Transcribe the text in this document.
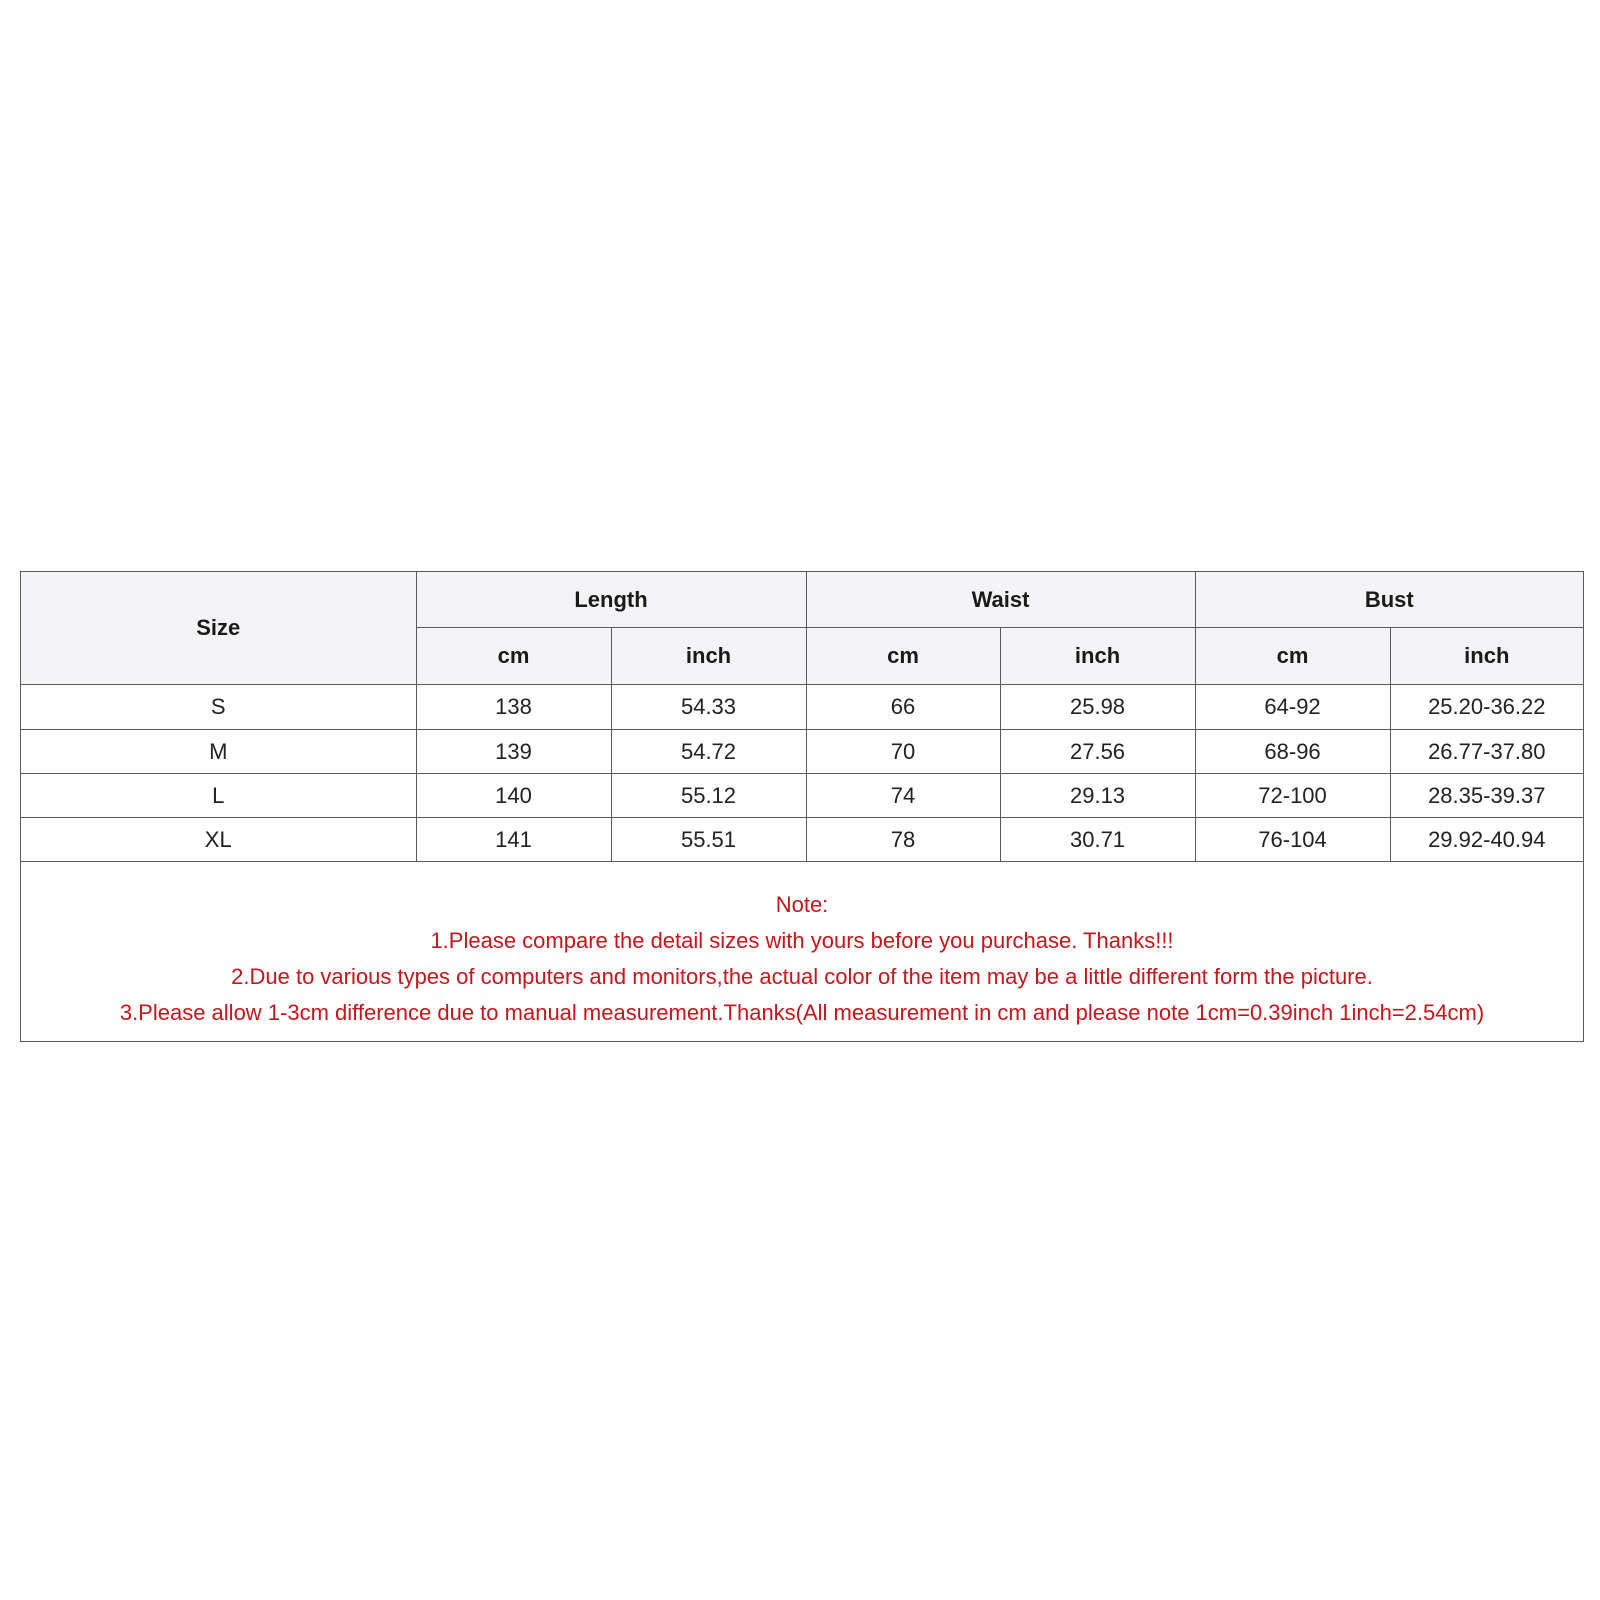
Size	Length		Waist		Bust	
	cm	inch	cm	inch	cm	inch
S	138	54.33	66	25.98	64-92	25.20-36.22
M	139	54.72	70	27.56	68-96	26.77-37.80
L	140	55.12	74	29.13	72-100	28.35-39.37
XL	141	55.51	78	30.71	76-104	29.92-40.94
Note:
1.Please compare the detail sizes with yours before you purchase. Thanks!!!
2.Due to various types of computers and monitors,the actual color of the item may be a little different form the picture.
3.Please allow 1-3cm difference due to manual measurement.Thanks(All measurement in cm and please note 1cm=0.39inch 1inch=2.54cm)
